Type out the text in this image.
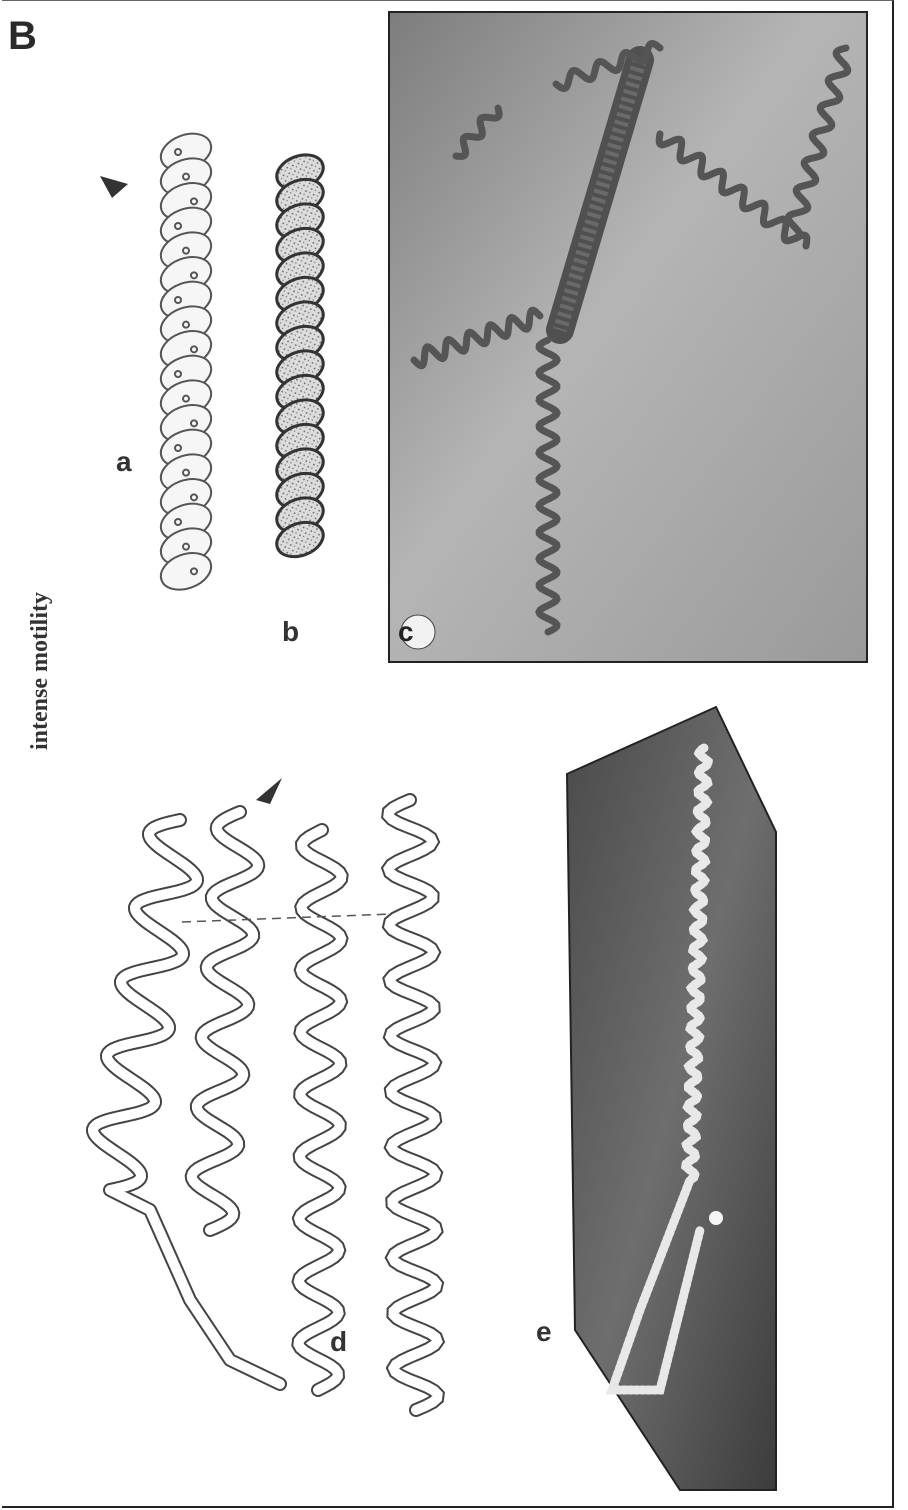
B
intense motility
a
b	c
d	e
